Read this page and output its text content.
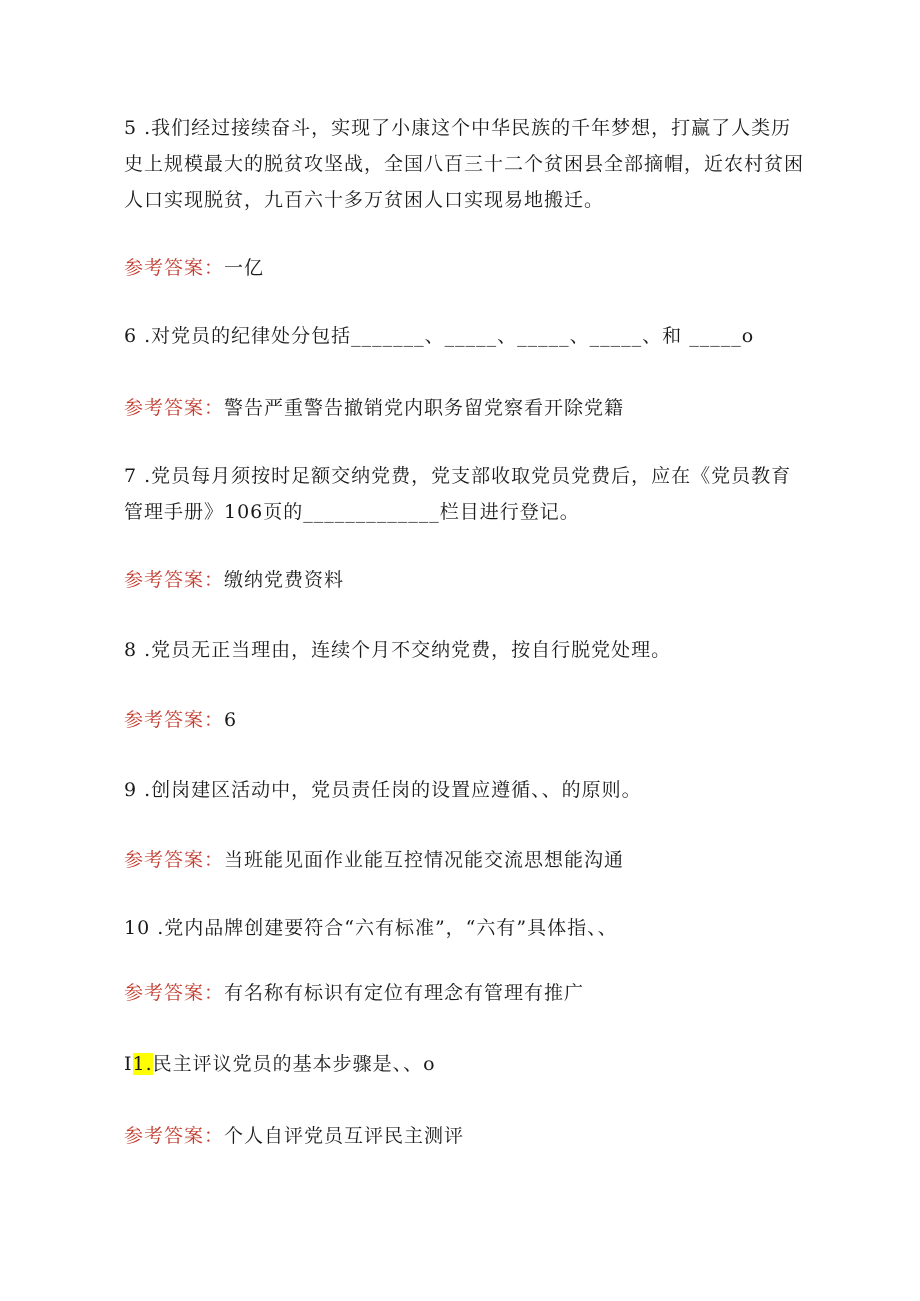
5 .我们经过接续奋斗，实现了小康这个中华民族的千年梦想，打赢了人类历史上规模最大的脱贫攻坚战，全国八百三十二个贫困县全部摘帽，近农村贫困人口实现脱贫，九百六十多万贫困人口实现易地搬迁。

参考答案：一亿

6 .对党员的纪律处分包括_______、_____、_____、_____、和 _____o

参考答案：警告严重警告撤销党内职务留党察看开除党籍

7 .党员每月须按时足额交纳党费，党支部收取党员党费后，应在《党员教育管理手册》106页的_____________栏目进行登记。

参考答案：缴纳党费资料

8 .党员无正当理由，连续个月不交纳党费，按自行脱党处理。

参考答案：6

9 .创岗建区活动中，党员责任岗的设置应遵循、、的原则。

参考答案：当班能见面作业能互控情况能交流思想能沟通

10 .党内品牌创建要符合“六有标准”，“六有”具体指、、

参考答案：有名称有标识有定位有理念有管理有推广

I1.民主评议党员的基本步骤是、、o

参考答案：个人自评党员互评民主测评
